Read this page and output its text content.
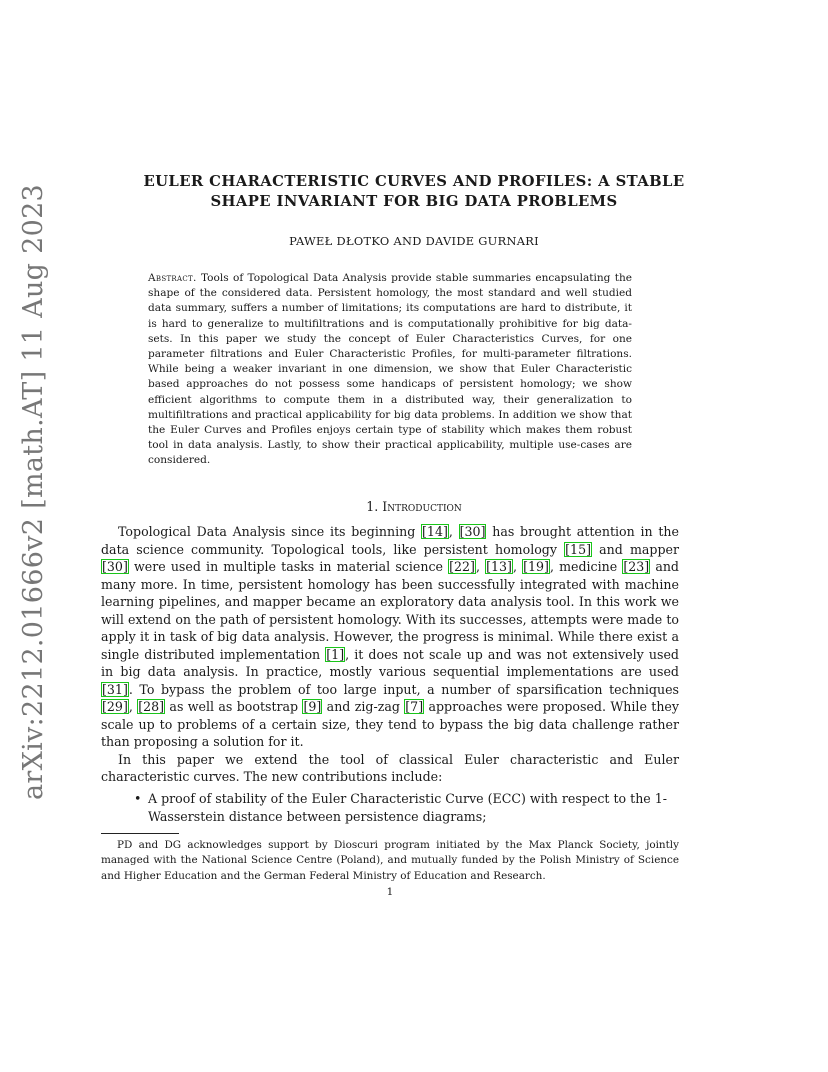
arXiv:2212.01666v2 [math.AT] 11 Aug 2023
EULER CHARACTERISTIC CURVES AND PROFILES: A STABLE
SHAPE INVARIANT FOR BIG DATA PROBLEMS
PAWEŁ DŁOTKO AND DAVIDE GURNARI
Abstract. Tools of Topological Data Analysis provide stable summaries encapsulating the shape of the considered data. Persistent homology, the most standard and well studied data summary, suffers a number of limitations; its computations are hard to distribute, it is hard to generalize to multifiltrations and is computationally prohibitive for big data-sets. In this paper we study the concept of Euler Characteristics Curves, for one parameter filtrations and Euler Characteristic Profiles, for multi-parameter filtrations. While being a weaker invariant in one dimension, we show that Euler Characteristic based approaches do not possess some handicaps of persistent homology; we show efficient algorithms to compute them in a distributed way, their generalization to multifiltrations and practical applicability for big data problems. In addition we show that the Euler Curves and Profiles enjoys certain type of stability which makes them robust tool in data analysis. Lastly, to show their practical applicability, multiple use-cases are considered.
1. Introduction

Topological Data Analysis since its beginning [14], [30] has brought attention in the data science community. Topological tools, like persistent homology [15] and mapper [30] were used in multiple tasks in material science [22], [13], [19], medicine [23] and many more. In time, persistent homology has been successfully integrated with machine learning pipelines, and mapper became an exploratory data analysis tool. In this work we will extend on the path of persistent homology. With its successes, attempts were made to apply it in task of big data analysis. However, the progress is minimal. While there exist a single distributed implementation [1], it does not scale up and was not extensively used in big data analysis. In practice, mostly various sequential implementations are used [31]. To bypass the problem of too large input, a number of sparsification techniques [29], [28] as well as bootstrap [9] and zig-zag [7] approaches were proposed. While they scale up to problems of a certain size, they tend to bypass the big data challenge rather than proposing a solution for it.

In this paper we extend the tool of classical Euler characteristic and Euler characteristic curves. The new contributions include:

• A proof of stability of the Euler Characteristic Curve (ECC) with respect to the 1-Wasserstein distance between persistence diagrams;

PD and DG acknowledges support by Dioscuri program initiated by the Max Planck Society, jointly managed with the National Science Centre (Poland), and mutually funded by the Polish Ministry of Science and Higher Education and the German Federal Ministry of Education and Research.

1
